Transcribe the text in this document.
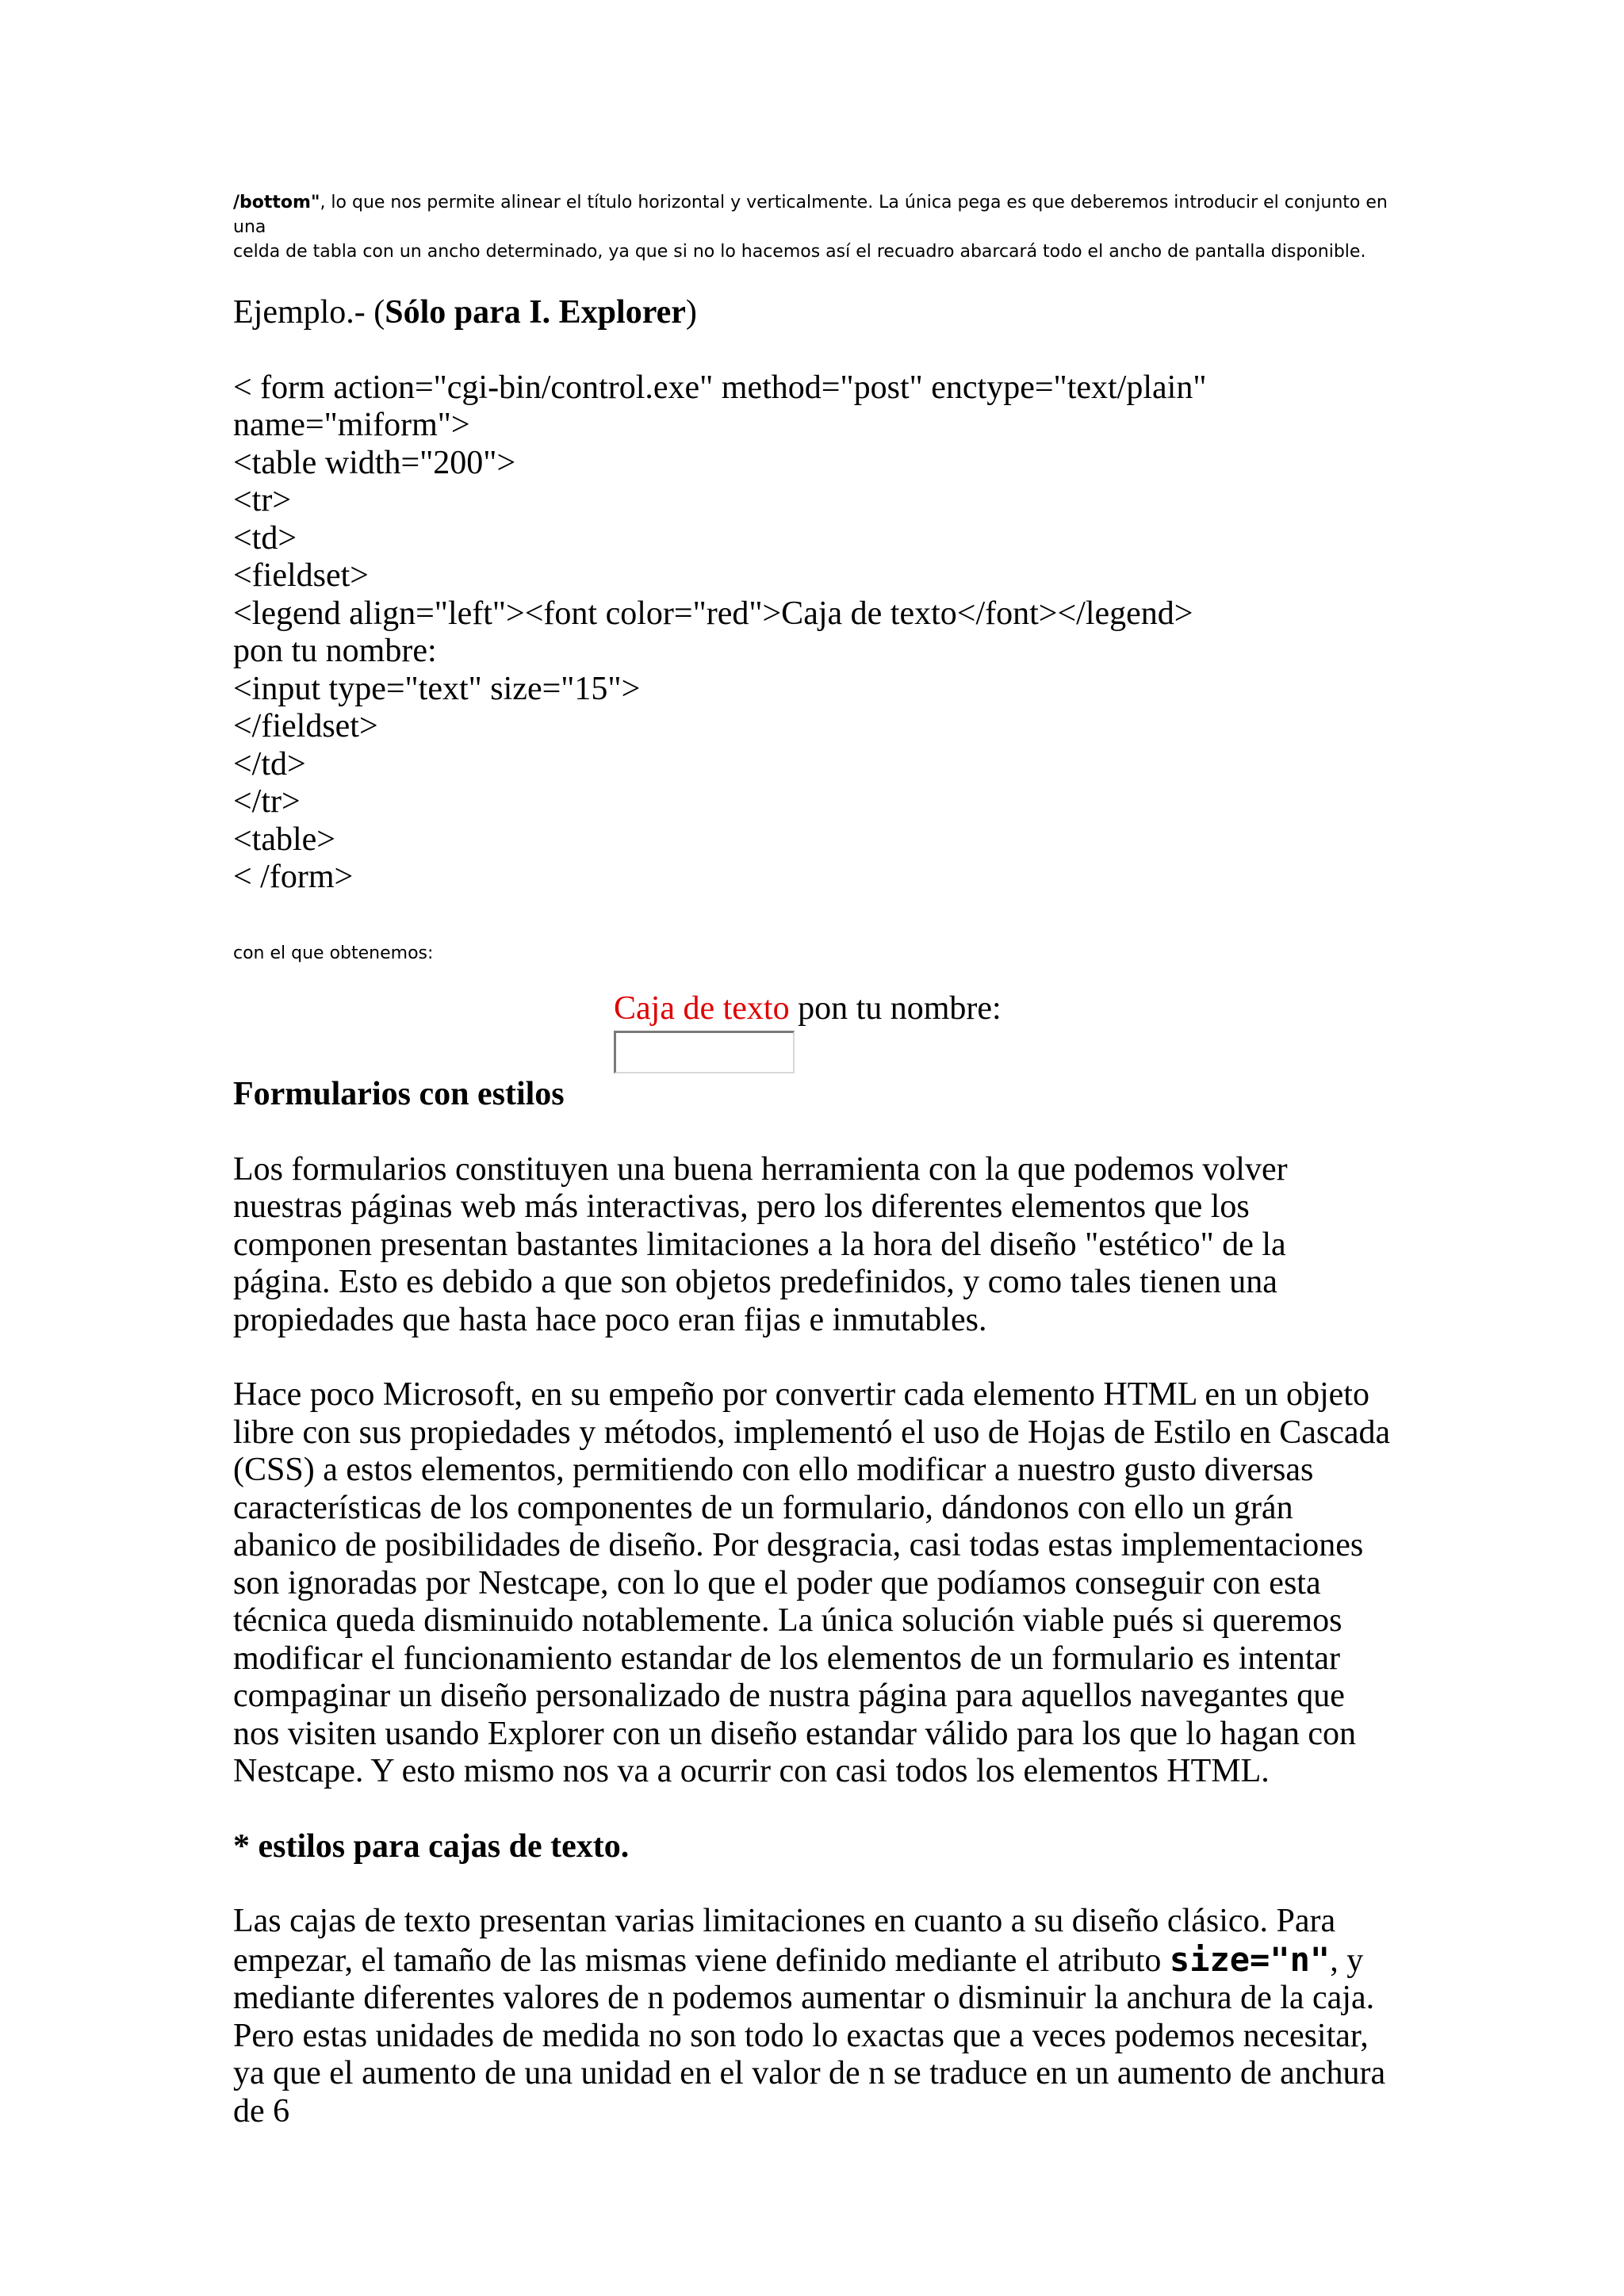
/bottom", lo que nos permite alinear el título horizontal y verticalmente. La única pega es que deberemos introducir el conjunto en una
celda de tabla con un ancho determinado, ya que si no lo hacemos así el recuadro abarcará todo el ancho de pantalla disponible.

Ejemplo.- (Sólo para I. Explorer)

< form action="cgi-bin/control.exe" method="post" enctype="text/plain"
name="miform">
<table width="200">
<tr>
<td>
<fieldset>
<legend align="left"><font color="red">Caja de texto</font></legend>
pon tu nombre:
<input type="text" size="15">
</fieldset>
</td>
</tr>
<table>
< /form>

con el que obtenemos:

Caja de texto pon tu nombre:

Formularios con estilos

Los formularios constituyen una buena herramienta con la que podemos volver nuestras páginas web más interactivas, pero los diferentes elementos que los componen presentan bastantes limitaciones a la hora del diseño "estético" de la página. Esto es debido a que son objetos predefinidos, y como tales tienen una propiedades que hasta hace poco eran fijas e inmutables.

Hace poco Microsoft, en su empeño por convertir cada elemento HTML en un objeto libre con sus propiedades y métodos, implementó el uso de Hojas de Estilo en Cascada (CSS) a estos elementos, permitiendo con ello modificar a nuestro gusto diversas características de los componentes de un formulario, dándonos con ello un grán abanico de posibilidades de diseño. Por desgracia, casi todas estas implementaciones son ignoradas por Nestcape, con lo que el poder que podíamos conseguir con esta técnica queda disminuido notablemente. La única solución viable pués si queremos modificar el funcionamiento estandar de los elementos de un formulario es intentar compaginar un diseño personalizado de nustra página para aquellos navegantes que nos visiten usando Explorer con un diseño estandar válido para los que lo hagan con Nestcape. Y esto mismo nos va a ocurrir con casi todos los elementos HTML.

* estilos para cajas de texto.

Las cajas de texto presentan varias limitaciones en cuanto a su diseño clásico. Para empezar, el tamaño de las mismas viene definido mediante el atributo size="n", y mediante diferentes valores de n podemos aumentar o disminuir la anchura de la caja. Pero estas unidades de medida no son todo lo exactas que a veces podemos necesitar, ya que el aumento de una unidad en el valor de n se traduce en un aumento de anchura de 6
